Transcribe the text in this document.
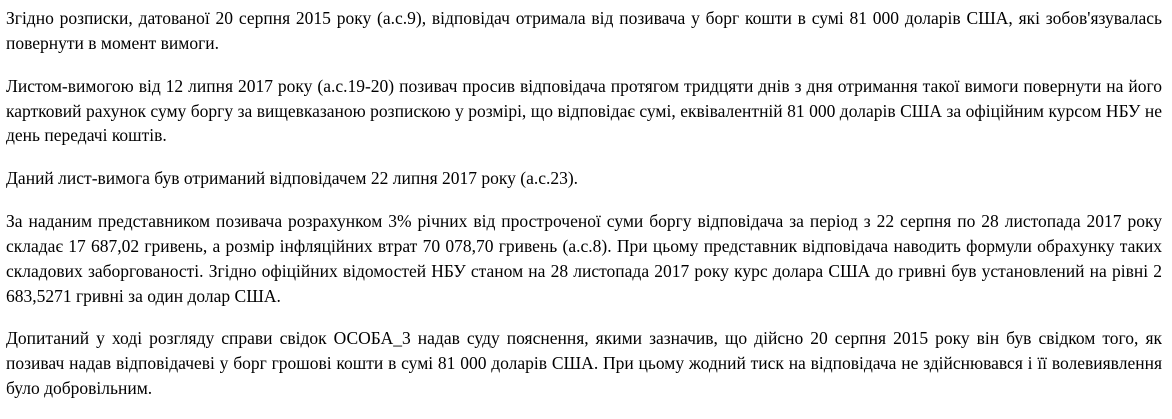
Згідно розписки, датованої 20 серпня 2015 року (а.с.9), відповідач отримала від позивача у борг кошти в сумі 81 000 доларів США, які зобов'язувалась повернути в момент вимоги.

Листом-вимогою від 12 липня 2017 року (а.с.19-20) позивач просив відповідача протягом тридцяти днів з дня отримання такої вимоги повернути на його картковий рахунок суму боргу за вищевказаною розпискою у розмірі, що відповідає сумі, еквівалентній 81 000 доларів США за офіційним курсом НБУ не день передачі коштів.

Даний лист-вимога був отриманий відповідачем 22 липня 2017 року (а.с.23).

За наданим представником позивача розрахунком 3% річних від простроченої суми боргу відповідача за період з 22 серпня по 28 листопада 2017 року складає 17 687,02 гривень, а розмір інфляційних втрат 70 078,70 гривень (а.с.8). При цьому представник відповідача наводить формули обрахунку таких складових заборгованості. Згідно офіційних відомостей НБУ станом на 28 листопада 2017 року курс долара США до гривні був установлений на рівні 2 683,5271 гривні за один долар США.

Допитаний у ході розгляду справи свідок ОСОБА_3 надав суду пояснення, якими зазначив, що дійсно 20 серпня 2015 року він був свідком того, як позивач надав відповідачеві у борг грошові кошти в сумі 81 000 доларів США. При цьому жодний тиск на відповідача не здійснювався і її волевиявлення було добровільним.
